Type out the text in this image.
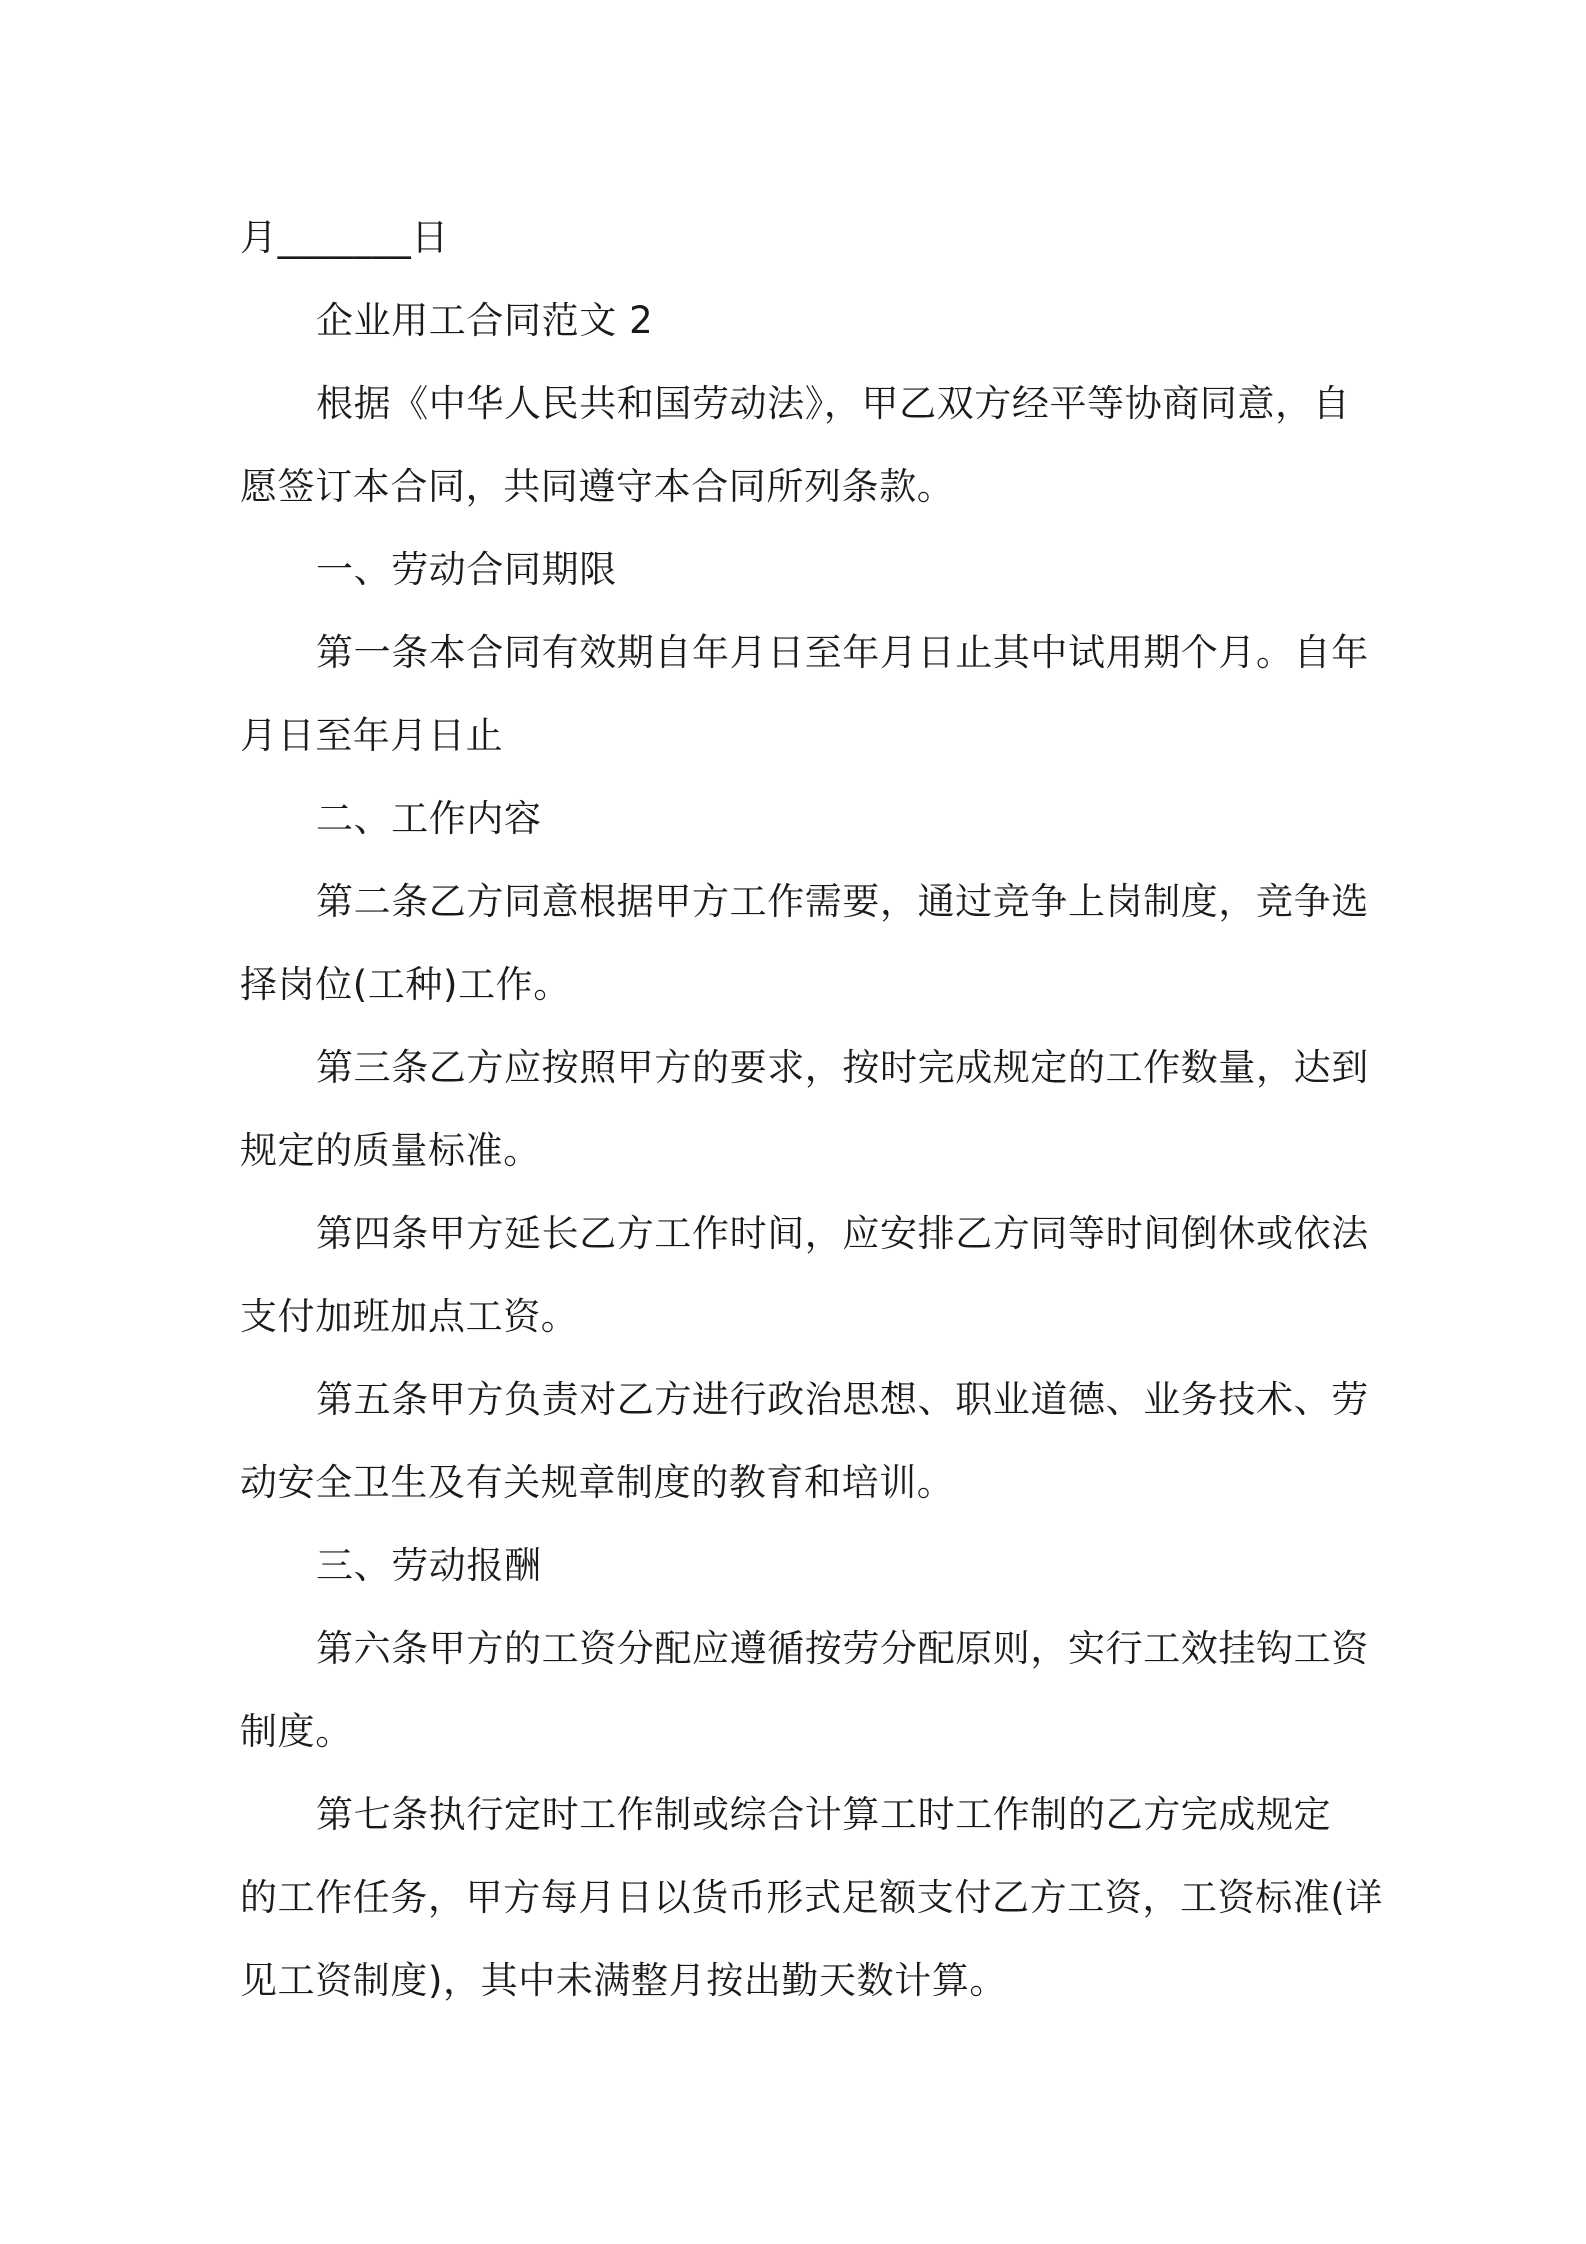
月_______日
企业用工合同范文 2
根据《中华人民共和国劳动法》，甲乙双方经平等协商同意，自
愿签订本合同，共同遵守本合同所列条款。
一、劳动合同期限
第一条本合同有效期自年月日至年月日止其中试用期个月。自年
月日至年月日止
二、工作内容
第二条乙方同意根据甲方工作需要，通过竞争上岗制度，竞争选
择岗位(工种)工作。
第三条乙方应按照甲方的要求，按时完成规定的工作数量，达到
规定的质量标准。
第四条甲方延长乙方工作时间，应安排乙方同等时间倒休或依法
支付加班加点工资。
第五条甲方负责对乙方进行政治思想、职业道德、业务技术、劳
动安全卫生及有关规章制度的教育和培训。
三、劳动报酬
第六条甲方的工资分配应遵循按劳分配原则，实行工效挂钩工资
制度。
第七条执行定时工作制或综合计算工时工作制的乙方完成规定
的工作任务，甲方每月日以货币形式足额支付乙方工资，工资标准(详
见工资制度)，其中未满整月按出勤天数计算。
